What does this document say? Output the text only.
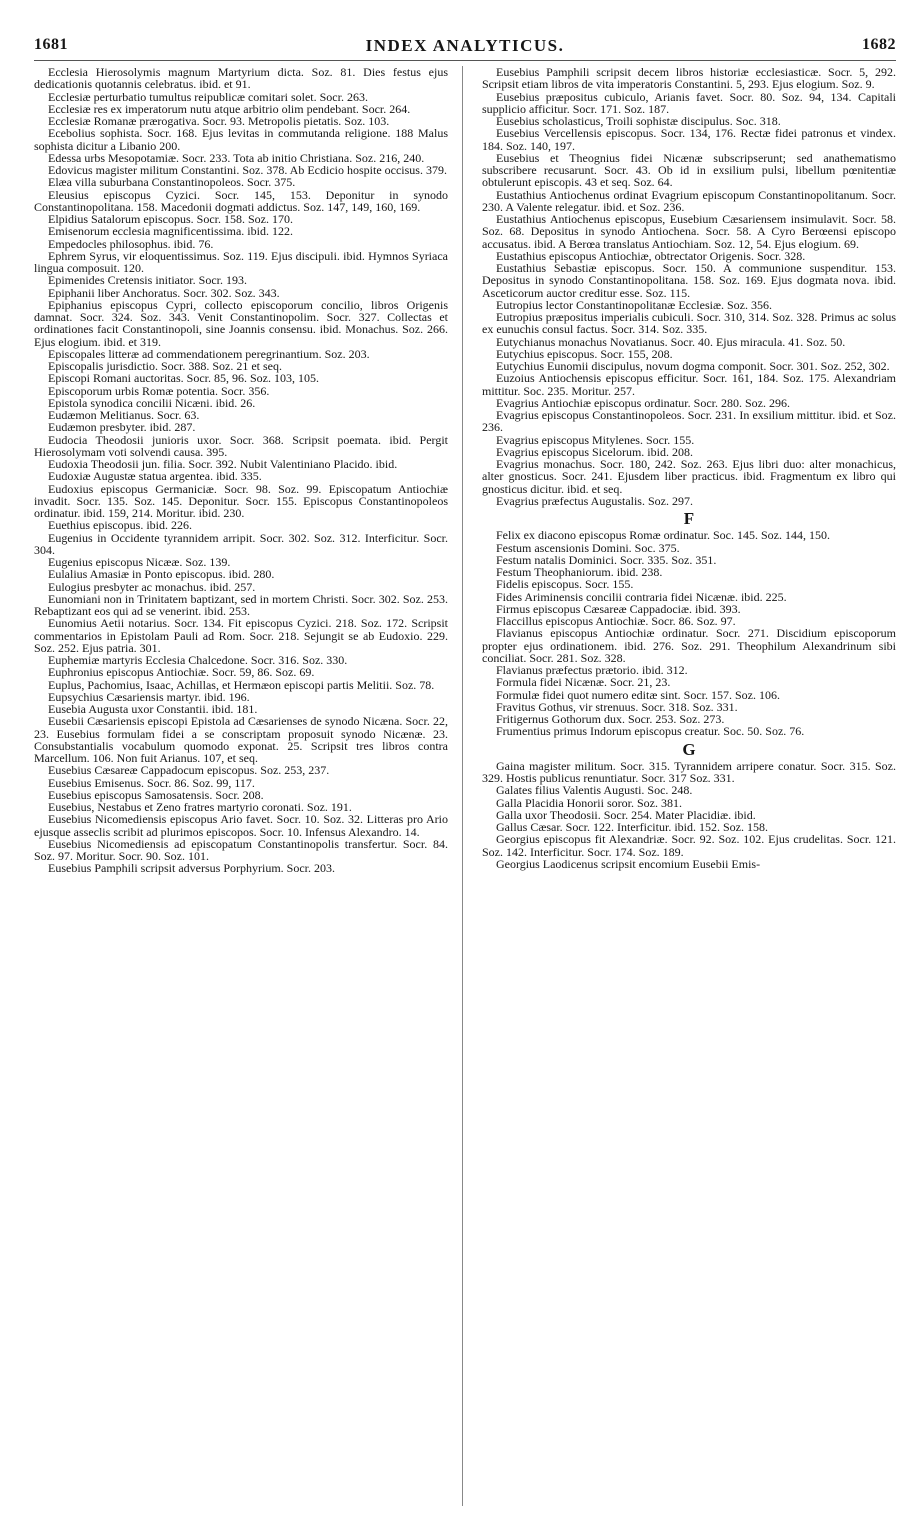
1681	INDEX ANALYTICUS.	1682

Ecclesia Hierosolymis magnum Martyrium dicta. Soz. 81. Dies festus ejus dedicationis quotannis celebratus. ibid. et 91.

Ecclesiæ perturbatio tumultus reipublicæ comitari solet. Socr. 263.

Ecclesiæ res ex imperatorum nutu atque arbitrio olim pendebant. Socr. 264.

Ecclesiæ Romanæ prærogativa. Socr. 93. Metropolis pietatis. Soz. 103.

Ecebolius sophista. Socr. 168. Ejus levitas in commutanda religione. 188 Malus sophista dicitur a Libanio 200.

Edessa urbs Mesopotamiæ. Socr. 233. Tota ab initio Christiana. Soz. 216, 240.

Edovicus magister militum Constantini. Soz. 378. Ab Ecdicio hospite occisus. 379.

Elæa villa suburbana Constantinopoleos. Socr. 375.

Eleusius episcopus Cyzici. Socr. 145, 153. Deponitur in synodo Constantinopolitana. 158. Macedonii dogmati addictus. Soz. 147, 149, 160, 169.

Elpidius Satalorum episcopus. Socr. 158. Soz. 170.

Emisenorum ecclesia magnificentissima. ibid. 122.

Empedocles philosophus. ibid. 76.

Ephrem Syrus, vir eloquentissimus. Soz. 119. Ejus discipuli. ibid. Hymnos Syriaca lingua composuit. 120.

Epimenides Cretensis initiator. Socr. 193.

Epiphanii liber Anchoratus. Socr. 302. Soz. 343.

Epiphanius episcopus Cypri, collecto episcoporum concilio, libros Origenis damnat. Socr. 324. Soz. 343. Venit Constantinopolim. Socr. 327. Collectas et ordinationes facit Constantinopoli, sine Joannis consensu. ibid. Monachus. Soz. 266. Ejus elogium. ibid. et 319.

Episcopales litteræ ad commendationem peregrinantium. Soz. 203.

Episcopalis jurisdictio. Socr. 388. Soz. 21 et seq.

Episcopi Romani auctoritas. Socr. 85, 96. Soz. 103, 105.

Episcoporum urbis Romæ potentia. Socr. 356.

Epistola synodica concilii Nicæni. ibid. 26.

Eudæmon Melitianus. Socr. 63.

Eudæmon presbyter. ibid. 287.

Eudocia Theodosii junioris uxor. Socr. 368. Scripsit poemata. ibid. Pergit Hierosolymam voti solvendi causa. 395.

Eudoxia Theodosii jun. filia. Socr. 392. Nubit Valentiniano Placido. ibid.

Eudoxiæ Augustæ statua argentea. ibid. 335.

Eudoxius episcopus Germaniciæ. Socr. 98. Soz. 99. Episcopatum Antiochiæ invadit. Socr. 135. Soz. 145. Deponitur. Socr. 155. Episcopus Constantinopoleos ordinatur. ibid. 159, 214. Moritur. ibid. 230.

Euethius episcopus. ibid. 226.

Eugenius in Occidente tyrannidem arripit. Socr. 302. Soz. 312. Interficitur. Socr. 304.

Eugenius episcopus Nicææ. Soz. 139.

Eulalius Amasiæ in Ponto episcopus. ibid. 280.

Eulogius presbyter ac monachus. ibid. 257.

Eunomiani non in Trinitatem baptizant, sed in mortem Christi. Socr. 302. Soz. 253. Rebaptizant eos qui ad se venerint. ibid. 253.

Eunomius Aetii notarius. Socr. 134. Fit episcopus Cyzici. 218. Soz. 172. Scripsit commentarios in Epistolam Pauli ad Rom. Socr. 218. Sejungit se ab Eudoxio. 229. Soz. 252. Ejus patria. 301.

Euphemiæ martyris Ecclesia Chalcedone. Socr. 316. Soz. 330.

Euphronius episcopus Antiochiæ. Socr. 59, 86. Soz. 69.

Euplus, Pachomius, Isaac, Achillas, et Hermæon episcopi partis Melitii. Soz. 78.

Eupsychius Cæsariensis martyr. ibid. 196.

Eusebia Augusta uxor Constantii. ibid. 181.

Eusebii Cæsariensis episcopi Epistola ad Cæsarienses de synodo Nicæna. Socr. 22, 23. Eusebius formulam fidei a se conscriptam proposuit synodo Nicænæ. 23. Consubstantialis vocabulum quomodo exponat. 25. Scripsit tres libros contra Marcellum. 106. Non fuit Arianus. 107, et seq.

Eusebius Cæsareæ Cappadocum episcopus. Soz. 253, 237.

Eusebius Emisenus. Socr. 86. Soz. 99, 117.

Eusebius episcopus Samosatensis. Socr. 208.

Eusebius, Nestabus et Zeno fratres martyrio coronati. Soz. 191.

Eusebius Nicomediensis episcopus Ario favet. Socr. 10. Soz. 32. Litteras pro Ario ejusque asseclis scribit ad plurimos episcopos. Socr. 10. Infensus Alexandro. 14.

Eusebius Nicomediensis ad episcopatum Constantinopolis transfertur. Socr. 84. Soz. 97. Moritur. Socr. 90. Soz. 101.

Eusebius Pamphili scripsit adversus Porphyrium. Socr. 203.

Eusebius Pamphili scripsit decem libros historiæ ecclesiasticæ. Socr. 5, 292. Scripsit etiam libros de vita imperatoris Constantini. 5, 293. Ejus elogium. Soz. 9.

Eusebius præpositus cubiculo, Arianis favet. Socr. 80. Soz. 94, 134. Capitali supplicio afficitur. Socr. 171. Soz. 187.

Eusebius scholasticus, Troili sophistæ discipulus. Soc. 318.

Eusebius Vercellensis episcopus. Socr. 134, 176. Rectæ fidei patronus et vindex. 184. Soz. 140, 197.

Eusebius et Theognius fidei Nicænæ subscripserunt; sed anathematismo subscribere recusarunt. Socr. 43. Ob id in exsilium pulsi, libellum pœnitentiæ obtulerunt episcopis. 43 et seq. Soz. 64.

Eustathius Antiochenus ordinat Evagrium episcopum Constantinopolitanum. Socr. 230. A Valente relegatur. ibid. et Soz. 236.

Eustathius Antiochenus episcopus, Eusebium Cæsariensem insimulavit. Socr. 58. Soz. 68. Depositus in synodo Antiochena. Socr. 58. A Cyro Berœensi episcopo accusatus. ibid. A Berœa translatus Antiochiam. Soz. 12, 54. Ejus elogium. 69.

Eustathius episcopus Antiochiæ, obtrectator Origenis. Socr. 328.

Eustathius Sebastiæ episcopus. Socr. 150. A communione suspenditur. 153. Depositus in synodo Constantinopolitana. 158. Soz. 169. Ejus dogmata nova. ibid. Asceticorum auctor creditur esse. Soz. 115.

Eutropius lector Constantinopolitanæ Ecclesiæ. Soz. 356.

Eutropius præpositus imperialis cubiculi. Socr. 310, 314. Soz. 328. Primus ac solus ex eunuchis consul factus. Socr. 314. Soz. 335.

Eutychianus monachus Novatianus. Socr. 40. Ejus miracula. 41. Soz. 50.

Eutychius episcopus. Socr. 155, 208.

Eutychius Eunomii discipulus, novum dogma componit. Socr. 301. Soz. 252, 302.

Euzoius Antiochensis episcopus efficitur. Socr. 161, 184. Soz. 175. Alexandriam mittitur. Soc. 235. Moritur. 257.

Evagrius Antiochiæ episcopus ordinatur. Socr. 280. Soz. 296.

Evagrius episcopus Constantinopoleos. Socr. 231. In exsilium mittitur. ibid. et Soz. 236.

Evagrius episcopus Mitylenes. Socr. 155.

Evagrius episcopus Sicelorum. ibid. 208.

Evagrius monachus. Socr. 180, 242. Soz. 263. Ejus libri duo: alter monachicus, alter gnosticus. Socr. 241. Ejusdem liber practicus. ibid. Fragmentum ex libro qui gnosticus dicitur. ibid. et seq.

Evagrius præfectus Augustalis. Soz. 297.

F

Felix ex diacono episcopus Romæ ordinatur. Soc. 145. Soz. 144, 150.

Festum ascensionis Domini. Soc. 375.

Festum natalis Dominici. Socr. 335. Soz. 351.

Festum Theophaniorum. ibid. 238.

Fidelis episcopus. Socr. 155.

Fides Ariminensis concilii contraria fidei Nicænæ. ibid. 225.

Firmus episcopus Cæsareæ Cappadociæ. ibid. 393.

Flaccillus episcopus Antiochiæ. Socr. 86. Soz. 97.

Flavianus episcopus Antiochiæ ordinatur. Socr. 271. Discidium episcoporum propter ejus ordinationem. ibid. 276. Soz. 291. Theophilum Alexandrinum sibi conciliat. Socr. 281. Soz. 328.

Flavianus præfectus prætorio. ibid. 312.

Formula fidei Nicænæ. Socr. 21, 23.

Formulæ fidei quot numero editæ sint. Socr. 157. Soz. 106.

Fravitus Gothus, vir strenuus. Socr. 318. Soz. 331.

Fritigernus Gothorum dux. Socr. 253. Soz. 273.

Frumentius primus Indorum episcopus creatur. Soc. 50. Soz. 76.

G

Gaina magister militum. Socr. 315. Tyrannidem arripere conatur. Socr. 315. Soz. 329. Hostis publicus renuntiatur. Socr. 317 Soz. 331.

Galates filius Valentis Augusti. Soc. 248.

Galla Placidia Honorii soror. Soz. 381.

Galla uxor Theodosii. Socr. 254. Mater Placidiæ. ibid.

Gallus Cæsar. Socr. 122. Interficitur. ibid. 152. Soz. 158.

Georgius episcopus fit Alexandriæ. Socr. 92. Soz. 102. Ejus crudelitas. Socr. 121. Soz. 142. Interficitur. Socr. 174. Soz. 189.

Georgius Laodicenus scripsit encomium Eusebii Emis-
